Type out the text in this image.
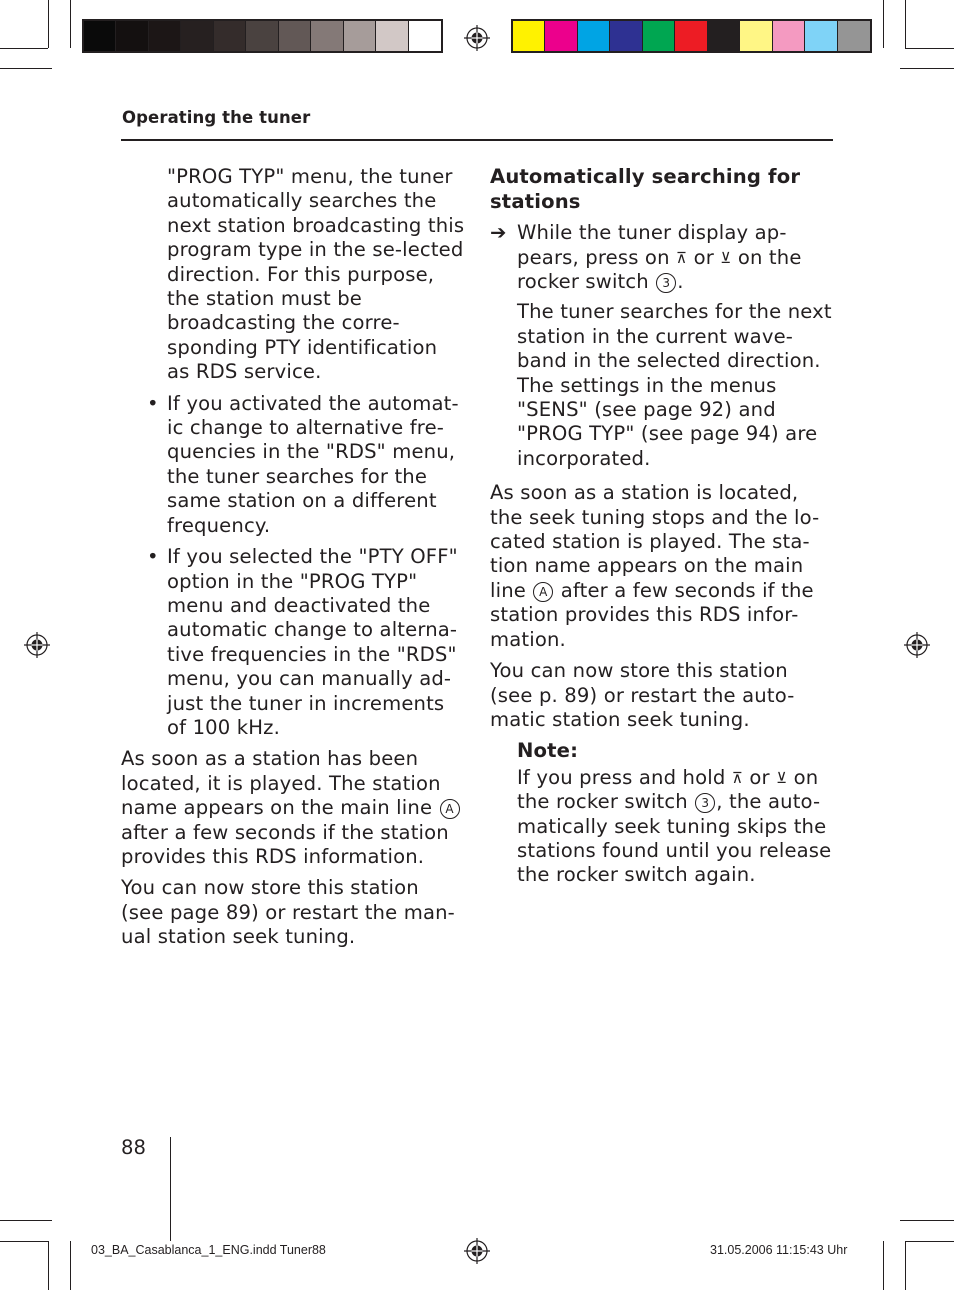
Operating the tuner

"PROG TYP" menu, the tuner automatically searches the next station broadcasting this program type in the se-lected direction. For this purpose, the station must be broadcasting the corre-sponding PTY identification as RDS service.

• If you activated the automat-ic change to alternative fre-quencies in the "RDS" menu, the tuner searches for the same station on a different frequency.

• If you selected the "PTY OFF" option in the "PROG TYP" menu and deactivated the automatic change to alterna-tive frequencies in the "RDS" menu, you can manually ad-just the tuner in increments of 100 kHz.

As soon as a station has been located, it is played. The station name appears on the main line A after a few seconds if the station provides this RDS information.

You can now store this station (see page 89) or restart the man-ual station seek tuning.

Automatically searching for stations

➔ While the tuner display ap-pears, press on ⊼ or ⊻ on the rocker switch 3 .

The tuner searches for the next station in the current wave-band in the selected direction. The settings in the menus "SENS" (see page 92) and "PROG TYP" (see page 94) are incorporated.

As soon as a station is located, the seek tuning stops and the lo-cated station is played. The sta-tion name appears on the main line A after a few seconds if the station provides this RDS infor-mation.

You can now store this station (see p. 89) or restart the auto-matic station seek tuning.

Note:

If you press and hold ⊼ or ⊻ on the rocker switch 3 , the auto-matically seek tuning skips the stations found until you release the rocker switch again.

88
03_BA_Casablanca_1_ENG.indd Tuner88	31.05.2006 11:15:43 Uhr
